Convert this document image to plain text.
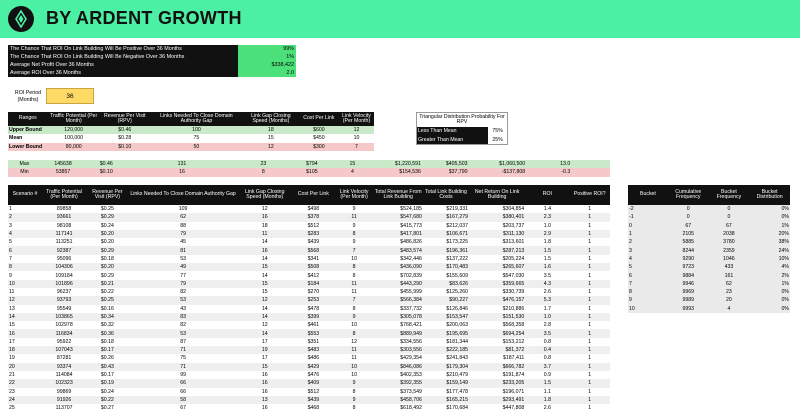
BY ARDENT GROWTH
The Chance That ROI On Link Building Will Be Positive Over 36 Months	99%
The Chance That ROI On Link Building Will Be Negative Over 36 Months	1%
Average Net Profit Over 36 Months	$338,422
Average ROI Over 36 Months	2.0
ROI Period (Months)	36
Ranges	Traffic Potential (Per Month)	Revenue Per Visit (RPV)	Links Needed To Close Domain Authority Gap	Link Gap Closing Speed (Months)	Cost Per Link	Link Velocity (Per Month)
Upper Bound	120,000	$0.46	100	18	$600	12
Mean	100,000	$0.28	75	15	$450	10
Lower Bound	80,000	$0.10	50	12	$300	7
Triangular Distribution Probability For RPV	
Less Than Mean	75%
Greater Than Mean	25%
Max	145638	$0.46	131	23	$794	15	$1,220,591	$405,503	$1,060,500	13.0	
Min	53857	$0.10	16	8	$105	4	$154,536	$37,790	-$137,808	-0.3	
Scenario #	Traffic Potential (Per Month)	Revenue Per Visit (RPV)	Links Needed To Close Domain Authority Gap	Link Gap Closing Speed (Months)	Cost Per Link	Link Velocity (Per Month)	Total Revenue From Link Building	Total Link Building Costs	Net Return On Link Building	ROI	Positive ROI?
1	89858	$0.25	109	12	$498	9	$524,185	$219,331	$304,854	1.4	1
2	93661	$0.29	62	16	$378	11	$547,680	$167,279	$380,401	2.3	1
3	98108	$0.24	88	18	$512	9	$415,773	$212,037	$203,737	1.0	1
4	117141	$0.20	79	11	$283	8	$417,801	$106,671	$311,130	2.9	1
5	113251	$0.20	45	14	$439	9	$486,826	$173,225	$313,601	1.8	1
6	92387	$0.29	81	16	$568	7	$483,574	$196,361	$287,213	1.5	1
7	95096	$0.18	53	14	$341	10	$342,446	$137,222	$205,224	1.5	1
8	104306	$0.20	49	15	$508	8	$436,090	$170,483	$265,607	1.6	1
9	109184	$0.29	77	14	$412	8	$702,839	$155,609	$547,030	3.5	1
10	101896	$0.21	79	15	$184	11	$443,290	$83,626	$359,665	4.3	1
11	96237	$0.22	82	15	$270	11	$455,999	$125,260	$330,739	2.6	1
12	93793	$0.25	53	12	$253	7	$566,384	$90,227	$476,157	5.3	1
13	95549	$0.16	43	14	$478	8	$337,732	$126,846	$210,886	1.7	1
14	103865	$0.34	83	14	$399	9	$305,078	$153,547	$151,530	1.0	1
15	102978	$0.32	82	12	$461	10	$768,421	$200,063	$568,358	2.8	1
16	116834	$0.36	53	14	$553	8	$889,949	$195,695	$694,254	3.5	1
17	95922	$0.18	87	17	$351	12	$334,556	$181,344	$153,212	0.8	1
18	107043	$0.17	71	19	$483	11	$303,556	$222,185	$81,372	0.4	1
19	87281	$0.26	75	17	$486	11	$429,354	$241,843	$187,411	0.8	1
20	93374	$0.43	71	15	$429	10	$846,086	$179,304	$666,782	3.7	1
21	114084	$0.17	99	16	$476	10	$402,353	$210,479	$191,874	0.9	1
22	102323	$0.19	66	16	$409	9	$392,355	$159,149	$233,205	1.5	1
23	99869	$0.24	66	16	$512	8	$373,549	$177,478	$196,071	1.1	1
24	91926	$0.22	58	13	$439	9	$458,706	$165,215	$293,491	1.8	1
25	113707	$0.27	67	16	$468	8	$618,492	$170,684	$447,808	2.6	1
Bucket	Cumulative Frequency	Bucket Frequency	Bucket Distribution
-2	0	0	0%
-1	0	0	0%
0	67	67	1%
1	2105	2038	20%
2	5885	3780	38%
3	8244	2359	24%
4	9290	1046	10%
5	9723	433	4%
6	9884	161	2%
7	9946	62	1%
8	9969	23	0%
9	9989	20	0%
10	9993	4	0%
